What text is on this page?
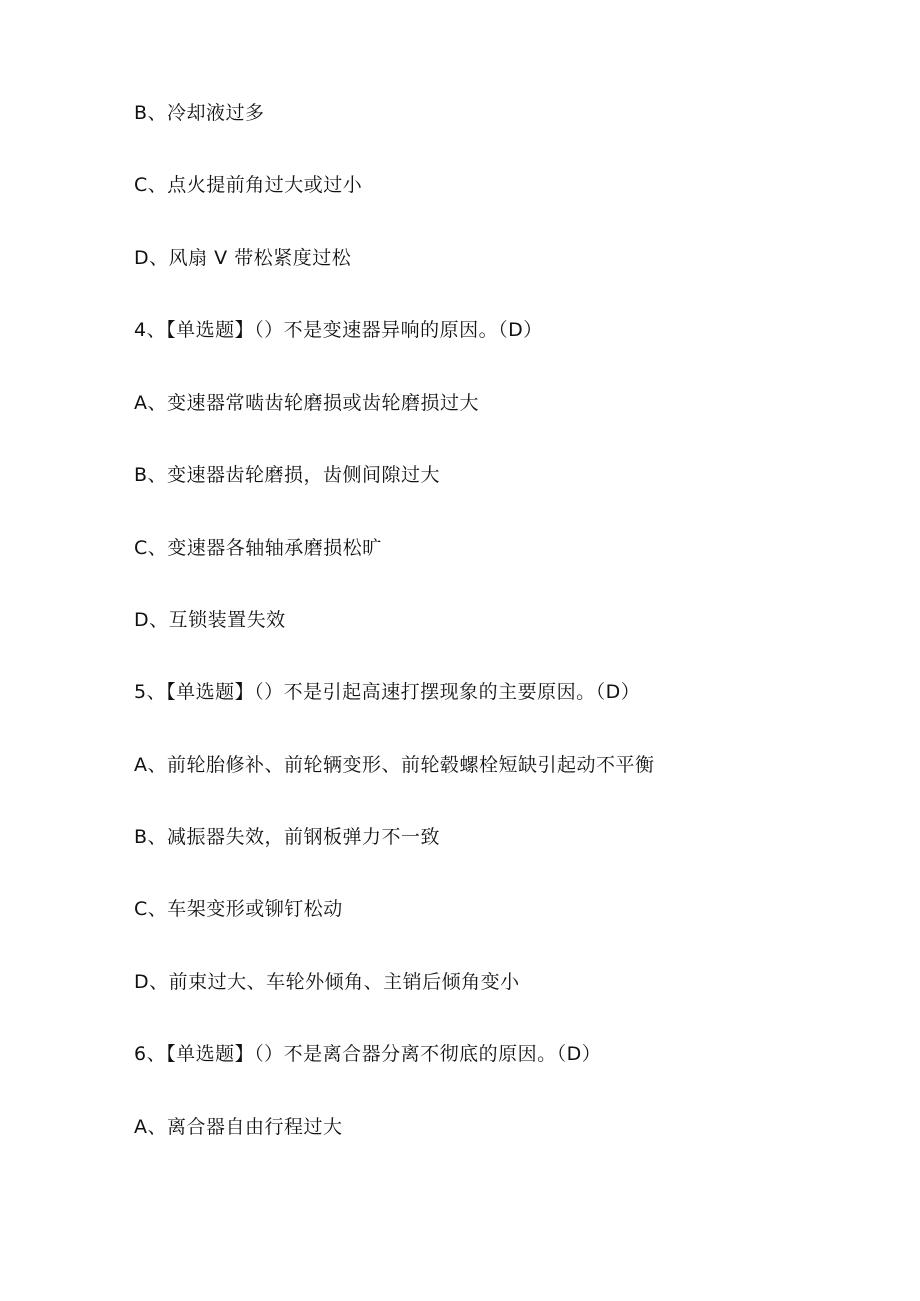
B、冷却液过多
C、点火提前角过大或过小
D、风扇 V 带松紧度过松
4、【单选题】（）不是变速器异响的原因。（D）
A、变速器常啮齿轮磨损或齿轮磨损过大
B、变速器齿轮磨损，齿侧间隙过大
C、变速器各轴轴承磨损松旷
D、互锁装置失效
5、【单选题】（）不是引起高速打摆现象的主要原因。（D）
A、前轮胎修补、前轮辆变形、前轮毂螺栓短缺引起动不平衡
B、减振器失效，前钢板弹力不一致
C、车架变形或铆钉松动
D、前束过大、车轮外倾角、主销后倾角变小
6、【单选题】（）不是离合器分离不彻底的原因。（D）
A、离合器自由行程过大
